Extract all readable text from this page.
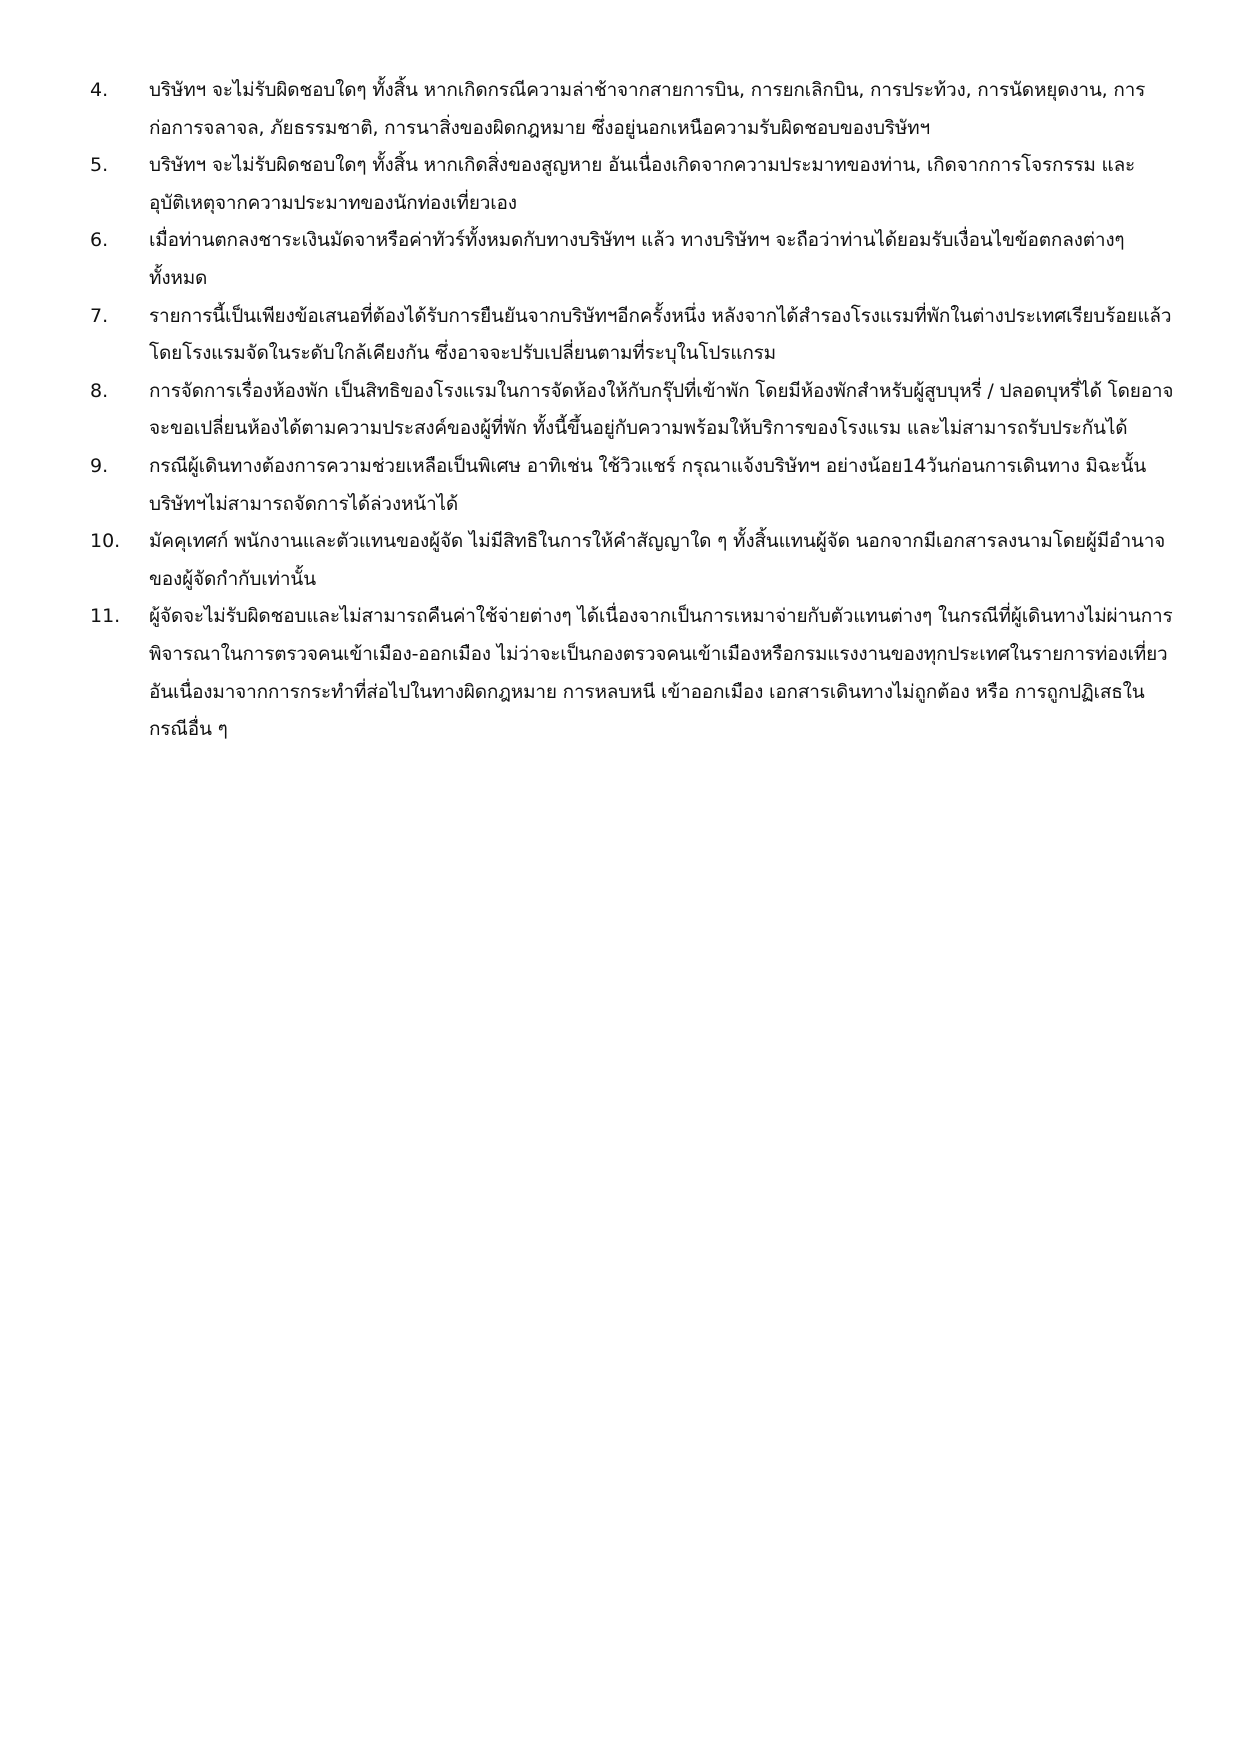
4.	บริษัทฯ จะไม่รับผิดชอบใดๆ ทั้งสิ้น หากเกิดกรณีความล่าช้าจากสายการบิน, การยกเลิกบิน, การประท้วง, การนัดหยุดงาน, การก่อการจลาจล, ภัยธรรมชาติ, การนาสิ่งของผิดกฎหมาย ซึ่งอยู่นอกเหนือความรับผิดชอบของบริษัทฯ
5.	บริษัทฯ จะไม่รับผิดชอบใดๆ ทั้งสิ้น หากเกิดสิ่งของสูญหาย อันเนื่องเกิดจากความประมาทของท่าน, เกิดจากการโจรกรรม และ อุบัติเหตุจากความประมาทของนักท่องเที่ยวเอง
6.	เมื่อท่านตกลงชาระเงินมัดจาหรือค่าทัวร์ทั้งหมดกับทางบริษัทฯ แล้ว ทางบริษัทฯ จะถือว่าท่านได้ยอมรับเงื่อนไขข้อตกลงต่างๆ ทั้งหมด
7.	รายการนี้เป็นเพียงข้อเสนอที่ต้องได้รับการยืนยันจากบริษัทฯอีกครั้งหนึ่ง หลังจากได้สำรองโรงแรมที่พักในต่างประเทศเรียบร้อยแล้ว โดยโรงแรมจัดในระดับใกล้เคียงกัน ซึ่งอาจจะปรับเปลี่ยนตามที่ระบุในโปรแกรม
8.	การจัดการเรื่องห้องพัก เป็นสิทธิของโรงแรมในการจัดห้องให้กับกรุ๊ปที่เข้าพัก โดยมีห้องพักสำหรับผู้สูบบุหรี่ / ปลอดบุหรี่ได้ โดยอาจจะขอเปลี่ยนห้องได้ตามความประสงค์ของผู้ที่พัก ทั้งนี้ขึ้นอยู่กับความพร้อมให้บริการของโรงแรม และไม่สามารถรับประกันได้
9.	กรณีผู้เดินทางต้องการความช่วยเหลือเป็นพิเศษ อาทิเช่น ใช้วิวแชร์ กรุณาแจ้งบริษัทฯ อย่างน้อย14วันก่อนการเดินทาง มิฉะนั้น บริษัทฯไม่สามารถจัดการได้ล่วงหน้าได้
10.	มัคคุเทศก์ พนักงานและตัวแทนของผู้จัด ไม่มีสิทธิในการให้คำสัญญาใด ๆ ทั้งสิ้นแทนผู้จัด นอกจากมีเอกสารลงนามโดยผู้มีอำนาจของผู้จัดกำกับเท่านั้น
11.	ผู้จัดจะไม่รับผิดชอบและไม่สามารถคืนค่าใช้จ่ายต่างๆ ได้เนื่องจากเป็นการเหมาจ่ายกับตัวแทนต่างๆ ในกรณีที่ผู้เดินทางไม่ผ่านการพิจารณาในการตรวจคนเข้าเมือง-ออกเมือง ไม่ว่าจะเป็นกองตรวจคนเข้าเมืองหรือกรมแรงงานของทุกประเทศในรายการท่องเที่ยว อันเนื่องมาจากการกระทำที่ส่อไปในทางผิดกฎหมาย การหลบหนี เข้าออกเมือง เอกสารเดินทางไม่ถูกต้อง หรือ การถูกปฏิเสธในกรณีอื่น ๆ
